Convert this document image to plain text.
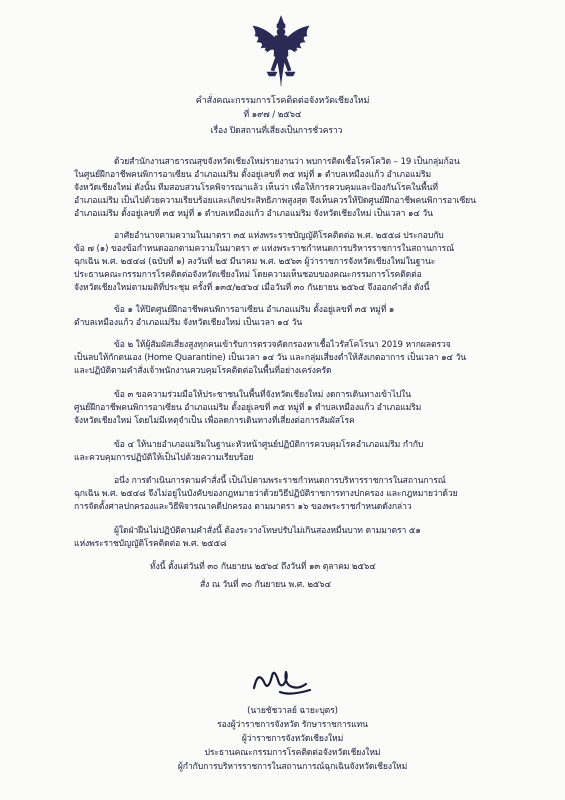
คำสั่งคณะกรรมการโรคติดต่อจังหวัดเชียงใหม่
ที่ ๑๙๗ / ๒๕๖๔
เรื่อง ปิดสถานที่เสี่ยงเป็นการชั่วคราว
ด้วยสำนักงานสาธารณสุขจังหวัดเชียงใหม่รายงานว่า พบการติดเชื้อโรคโควิด – 19 เป็นกลุ่มก้อน
ในศูนย์ฝึกอาชีพคนพิการอาเซียน อำเภอแม่ริม ตั้งอยู่เลขที่ ๓๕ หมู่ที่ ๑ ตำบลเหมืองแก้ว อำเภอแม่ริม
จังหวัดเชียงใหม่ ดังนั้น ทีมสอบสวนโรคพิจารณาแล้ว เห็นว่า เพื่อให้การควบคุมและป้องกันโรคในพื้นที่
อำเภอแม่ริม เป็นไปด้วยความเรียบร้อยและเกิดประสิทธิภาพสูงสุด จึงเห็นควรให้ปิดศูนย์ฝึกอาชีพคนพิการอาเซียน
อำเภอแม่ริม ตั้งอยู่เลขที่ ๓๕ หมู่ที่ ๑ ตำบลเหมืองแก้ว อำเภอแม่ริม จังหวัดเชียงใหม่ เป็นเวลา ๑๔ วัน
อาศัยอำนาจตามความในมาตรา ๓๕ แห่งพระราชบัญญัติโรคติดต่อ พ.ศ. ๒๕๕๘ ประกอบกับ
ข้อ ๗ (๑) ของข้อกำหนดออกตามความในมาตรา ๙ แห่งพระราชกำหนดการบริหารราชการในสถานการณ์
ฉุกเฉิน พ.ศ. ๒๕๔๘ (ฉบับที่ ๑) ลงวันที่ ๒๕ มีนาคม พ.ศ. ๒๕๖๓ ผู้ว่าราชการจังหวัดเชียงใหม่ในฐานะ
ประธานคณะกรรมการโรคติดต่อจังหวัดเชียงใหม่ โดยความเห็นชอบของคณะกรรมการโรคติดต่อ
จังหวัดเชียงใหม่ตามมติที่ประชุม ครั้งที่ ๑๓๕/๒๕๖๔ เมื่อวันที่ ๓๐ กันยายน ๒๕๖๔ จึงออกคำสั่ง ดังนี้
ข้อ ๑ ให้ปิดศูนย์ฝึกอาชีพคนพิการอาเซียน อำเภอแม่ริม ตั้งอยู่เลขที่ ๓๕ หมู่ที่ ๑
ตำบลเหมืองแก้ว อำเภอแม่ริม จังหวัดเชียงใหม่ เป็นเวลา ๑๔ วัน
ข้อ ๒ ให้ผู้สัมผัสเสี่ยงสูงทุกคนเข้ารับการตรวจคัดกรองหาเชื้อไวรัสโคโรนา 2019 หากผลตรวจ
เป็นลบให้กักตนเอง (Home Quarantine) เป็นเวลา ๑๔ วัน และกลุ่มเสี่ยงต่ำให้สังเกตอาการ เป็นเวลา ๑๔ วัน
และปฏิบัติตามคำสั่งเจ้าพนักงานควบคุมโรคติดต่อในพื้นที่อย่างเคร่งครัด
ข้อ ๓ ขอความร่วมมือให้ประชาชนในพื้นที่จังหวัดเชียงใหม่ งดการเดินทางเข้าไปใน
ศูนย์ฝึกอาชีพคนพิการอาเซียน อำเภอแม่ริม ตั้งอยู่เลขที่ ๓๕ หมู่ที่ ๑ ตำบลเหมืองแก้ว อำเภอแม่ริม
จังหวัดเชียงใหม่ โดยไม่มีเหตุจำเป็น เพื่อลดการเดินทางที่เสี่ยงต่อการสัมผัสโรค
ข้อ ๔ ให้นายอำเภอแม่ริมในฐานะหัวหน้าศูนย์ปฏิบัติการควบคุมโรคอำเภอแม่ริม กำกับ
และควบคุมการปฏิบัติให้เป็นไปด้วยความเรียบร้อย
อนึ่ง การดำเนินการตามคำสั่งนี้ เป็นไปตามพระราชกำหนดการบริหารราชการในสถานการณ์
ฉุกเฉิน พ.ศ. ๒๕๔๘ จึงไม่อยู่ในบังคับของกฎหมายว่าด้วยวิธีปฏิบัติราชการทางปกครอง และกฎหมายว่าด้วย
การจัดตั้งศาลปกครองและวิธีพิจารณาคดีปกครอง ตามมาตรา ๑๖ ของพระราชกำหนดดังกล่าว
ผู้ใดฝ่าฝืนไม่ปฏิบัติตามคำสั่งนี้ ต้องระวางโทษปรับไม่เกินสองหมื่นบาท ตามมาตรา ๕๑
แห่งพระราชบัญญัติโรคติดต่อ พ.ศ. ๒๕๕๘
ทั้งนี้ ตั้งแต่วันที่ ๓๐ กันยายน ๒๕๖๔ ถึงวันที่ ๑๓ ตุลาคม ๒๕๖๔
สั่ง ณ วันที่ ๓๐ กันยายน พ.ศ. ๒๕๖๔
(นายชัชวาลย์ ฉายะบุตร)
รองผู้ว่าราชการจังหวัด รักษาราชการแทน
ผู้ว่าราชการจังหวัดเชียงใหม่
ประธานคณะกรรมการโรคติดต่อจังหวัดเชียงใหม่
ผู้กำกับการบริหารราชการในสถานการณ์ฉุกเฉินจังหวัดเชียงใหม่
